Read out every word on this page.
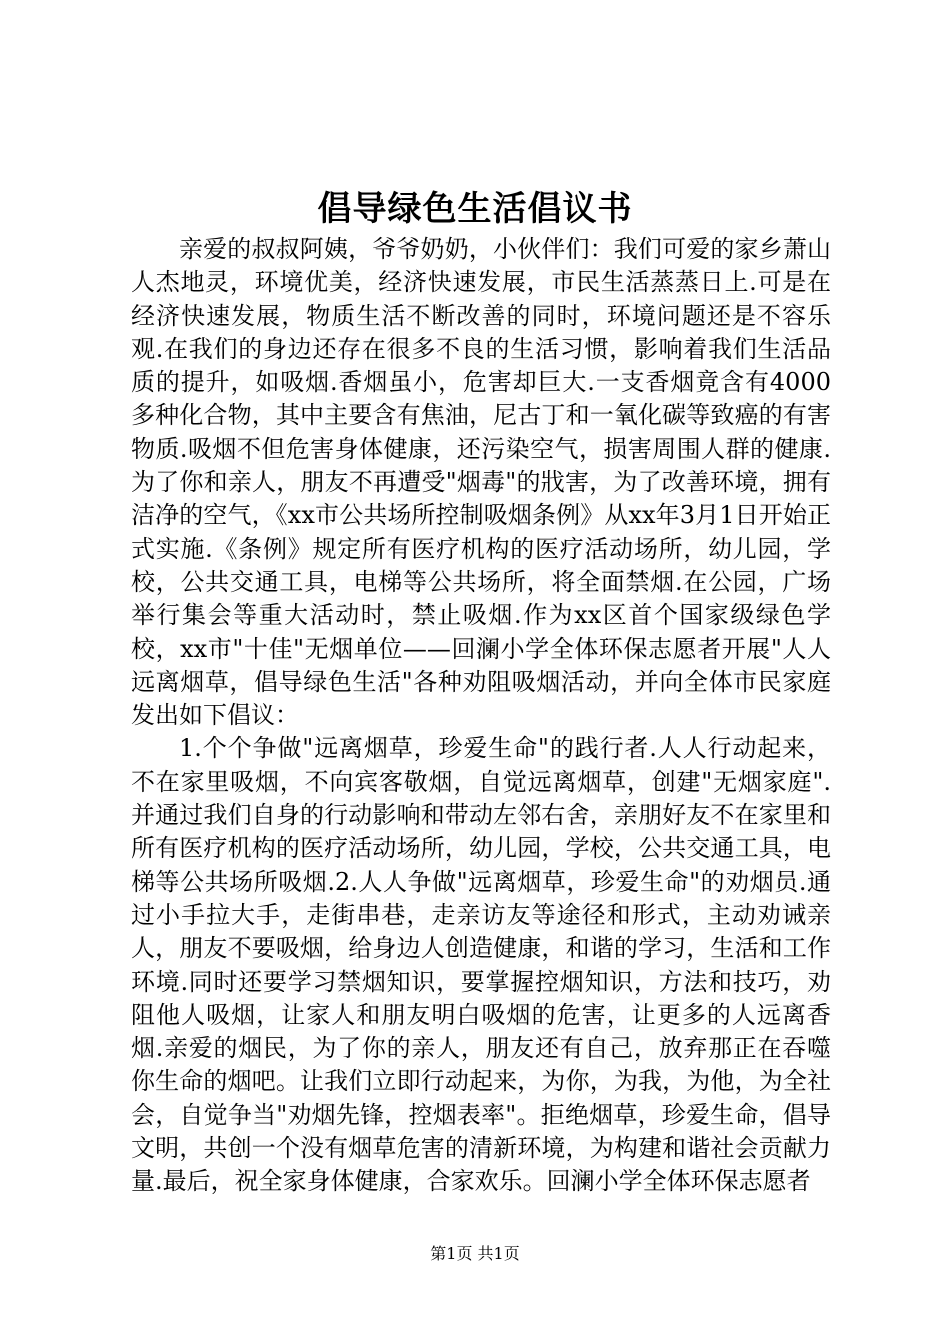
倡导绿色生活倡议书

亲爱的叔叔阿姨，爷爷奶奶，小伙伴们：我们可爱的家乡萧山人杰地灵，环境优美，经济快速发展，市民生活蒸蒸日上.可是在经济快速发展，物质生活不断改善的同时，环境问题还是不容乐观.在我们的身边还存在很多不良的生活习惯，影响着我们生活品质的提升，如吸烟.香烟虽小，危害却巨大.一支香烟竟含有4000多种化合物，其中主要含有焦油，尼古丁和一氧化碳等致癌的有害物质.吸烟不但危害身体健康，还污染空气，损害周围人群的健康.为了你和亲人，朋友不再遭受"烟毒"的戕害，为了改善环境，拥有洁净的空气，《xx市公共场所控制吸烟条例》从xx年3月1日开始正式实施.《条例》规定所有医疗机构的医疗活动场所，幼儿园，学校，公共交通工具，电梯等公共场所，将全面禁烟.在公园，广场举行集会等重大活动时，禁止吸烟.作为xx区首个国家级绿色学校，xx市"十佳"无烟单位——回澜小学全体环保志愿者开展"人人远离烟草，倡导绿色生活"各种劝阻吸烟活动，并向全体市民家庭发出如下倡议：

1.个个争做"远离烟草，珍爱生命"的践行者.人人行动起来，不在家里吸烟，不向宾客敬烟，自觉远离烟草，创建"无烟家庭".并通过我们自身的行动影响和带动左邻右舍，亲朋好友不在家里和所有医疗机构的医疗活动场所，幼儿园，学校，公共交通工具，电梯等公共场所吸烟.2.人人争做"远离烟草，珍爱生命"的劝烟员.通过小手拉大手，走街串巷，走亲访友等途径和形式，主动劝诫亲人，朋友不要吸烟，给身边人创造健康，和谐的学习，生活和工作环境.同时还要学习禁烟知识，要掌握控烟知识，方法和技巧，劝阻他人吸烟，让家人和朋友明白吸烟的危害，让更多的人远离香烟.亲爱的烟民，为了你的亲人，朋友还有自己，放弃那正在吞噬你生命的烟吧。让我们立即行动起来，为你，为我，为他，为全社会，自觉争当"劝烟先锋，控烟表率"。拒绝烟草，珍爱生命，倡导文明，共创一个没有烟草危害的清新环境，为构建和谐社会贡献力量.最后，祝全家身体健康，合家欢乐。回澜小学全体环保志愿者

第1页 共1页
